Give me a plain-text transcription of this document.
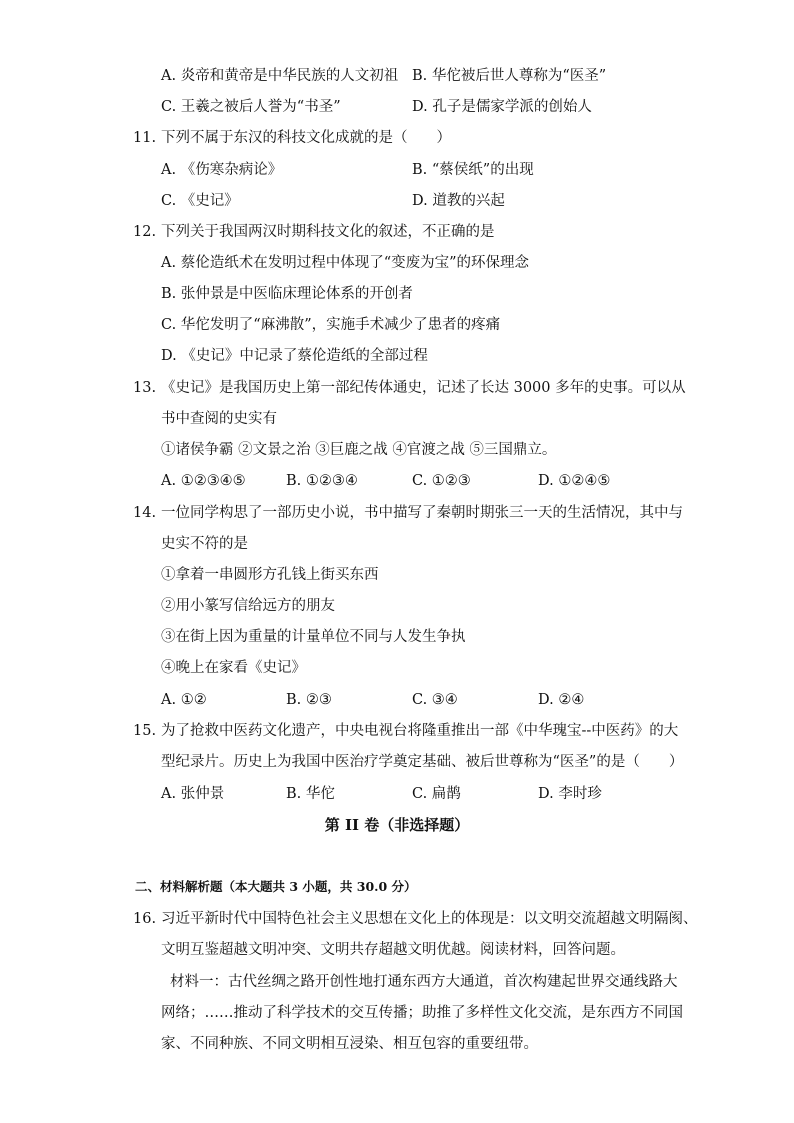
A. 炎帝和黄帝是中华民族的人文初祖 B. 华佗被后世人尊称为“医圣”
C. 王羲之被后人誉为“书圣”	D. 孔子是儒家学派的创始人
11. 下列不属于东汉的科技文化成就的是（　　）
A. 《伤寒杂病论》	B. “蔡侯纸”的出现
C. 《史记》	D. 道教的兴起
12. 下列关于我国两汉时期科技文化的叙述，不正确的是
A. 蔡伦造纸术在发明过程中体现了“变废为宝”的环保理念
B. 张仲景是中医临床理论体系的开创者
C. 华佗发明了“麻沸散”，实施手术减少了患者的疼痛
D. 《史记》中记录了蔡伦造纸的全部过程
13. 《史记》是我国历史上第一部纪传体通史，记述了长达 3000 多年的史事。可以从
书中查阅的史实有
①诸侯争霸 ②文景之治 ③巨鹿之战 ④官渡之战 ⑤三国鼎立。
A. ①②③④⑤	B. ①②③④	C. ①②③	D. ①②④⑤
14. 一位同学构思了一部历史小说，书中描写了秦朝时期张三一天的生活情况，其中与
史实不符的是
①拿着一串圆形方孔钱上街买东西
②用小篆写信给远方的朋友
③在街上因为重量的计量单位不同与人发生争执
④晚上在家看《史记》
A. ①②	B. ②③	C. ③④	D. ②④
15. 为了抢救中医药文化遗产，中央电视台将隆重推出一部《中华瑰宝--中医药》的大
型纪录片。历史上为我国中医治疗学奠定基础、被后世尊称为“医圣”的是（　　）
A. 张仲景	B. 华佗	C. 扁鹊	D. 李时珍
第 II 卷（非选择题）
二、材料解析题（本大题共 3 小题，共 30.0 分）
16. 习近平新时代中国特色社会主义思想在文化上的体现是：以文明交流超越文明隔阂、
文明互鉴超越文明冲突、文明共存超越文明优越。阅读材料，回答问题。
材料一：古代丝绸之路开创性地打通东西方大通道，首次构建起世界交通线路大
网络；……推动了科学技术的交互传播；助推了多样性文化交流，是东西方不同国
家、不同种族、不同文明相互浸染、相互包容的重要纽带。
